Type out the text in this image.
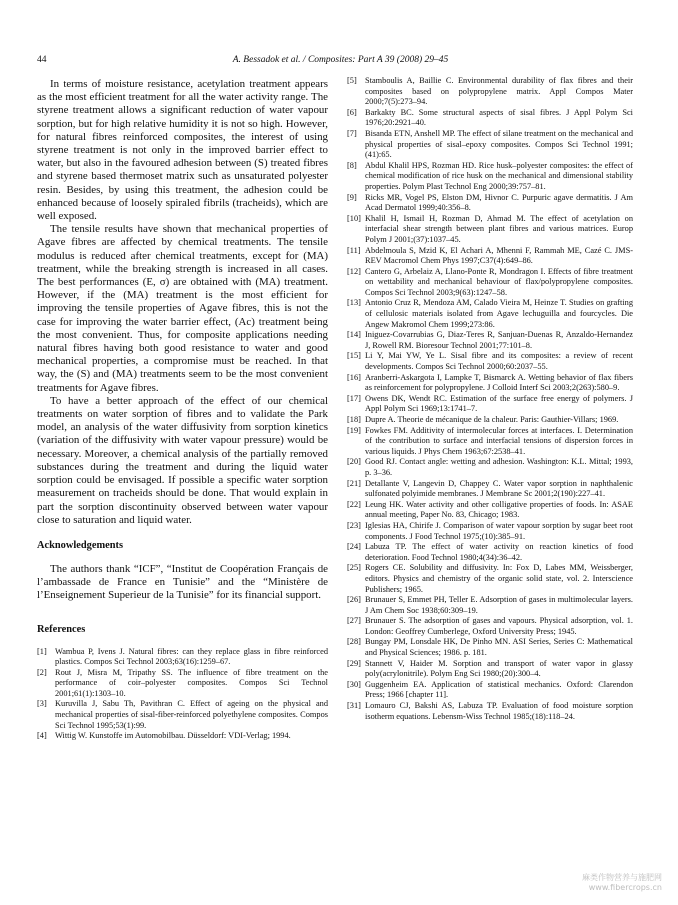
44	A. Bessadok et al. / Composites: Part A 39 (2008) 29–45

In terms of moisture resistance, acetylation treatment appears as the most efficient treatment for all the water activity range. The styrene treatment allows a significant reduction of water vapour sorption, but for high relative humidity it is not so high. However, for natural fibres reinforced composites, the interest of using styrene treatment is not only in the improved barrier effect to water, but also in the favoured adhesion between (S) treated fibres and styrene based thermoset matrix such as unsaturated polyester resin. Besides, by using this treatment, the adhesion could be enhanced because of loosely spiraled fibrils (tracheids), which are well exposed.

The tensile results have shown that mechanical properties of Agave fibres are affected by chemical treatments. The tensile modulus is reduced after chemical treatments, except for (MA) treatment, while the breaking strength is increased in all cases. The best performances (E, σ) are obtained with (MA) treatment. However, if the (MA) treatment is the most efficient for improving the tensile properties of Agave fibres, this is not the case for improving the water barrier effect, (Ac) treatment being the most convenient. Thus, for composite applications needing natural fibres having both good resistance to water and good mechanical properties, a compromise must be reached. In that way, the (S) and (MA) treatments seem to be the most convenient treatments for Agave fibres.

To have a better approach of the effect of our chemical treatments on water sorption of fibres and to validate the Park model, an analysis of the water diffusivity from sorption kinetics (variation of the diffusivity with water vapour pressure) would be necessary. Moreover, a chemical analysis of the partially removed substances during the treatment and during the liquid water sorption could be envisaged. If possible a specific water sorption measurement on tracheids should be done. That would explain in part the sorption discontinuity observed between water vapour close to saturation and liquid water.

Acknowledgements

The authors thank “ICF”, “Institut de Coopération Français de l’ambassade de France en Tunisie” and the “Ministère de l’Enseignement Superieur de la Tunisie” for its financial support.

References
[1] Wambua P, Ivens J. Natural fibres: can they replace glass in fibre reinforced plastics. Compos Sci Technol 2003;63(16):1259–67.
[2] Rout J, Misra M, Tripathy SS. The influence of fibre treatment on the performance of coir–polyester composites. Compos Sci Technol 2001;61(1):1303–10.
[3] Kuruvilla J, Sabu Th, Pavithran C. Effect of ageing on the physical and mechanical properties of sisal-fiber-reinforced polyethylene composites. Compos Sci Technol 1995;53(1):99.
[4] Wittig W. Kunstoffe im Automobilbau. Düsseldorf: VDI-Verlag; 1994.
[5] Stamboulis A, Baillie C. Environmental durability of flax fibres and their composites based on polypropylene matrix. Appl Compos Mater 2000;7(5):273–94.
[6] Barkakty BC. Some structural aspects of sisal fibres. J Appl Polym Sci 1976;20:2921–40.
[7] Bisanda ETN, Anshell MP. The effect of silane treatment on the mechanical and physical properties of sisal–epoxy composites. Compos Sci Technol 1991;(41):65.
[8] Abdul Khalil HPS, Rozman HD. Rice husk–polyester composites: the effect of chemical modification of rice husk on the mechanical and dimensional stability properties. Polym Plast Technol Eng 2000;39:757–81.
[9] Ricks MR, Vogel PS, Elston DM, Hivnor C. Purpuric agave dermatitis. J Am Acad Dermatol 1999;40:356–8.
[10] Khalil H, Ismail H, Rozman D, Ahmad M. The effect of acetylation on interfacial shear strength between plant fibres and various matrices. Europ Polym J 2001;(37):1037–45.
[11] Abdelmoula S, Mzid K, El Achari A, Mhenni F, Rammah ME, Cazé C. JMS-REV Macromol Chem Phys 1997;C37(4):649–86.
[12] Cantero G, Arbelaiz A, Llano-Ponte R, Mondragon I. Effects of fibre treatment on wettability and mechanical behaviour of flax/polypropylene composites. Compos Sci Technol 2003;9(63):1247–58.
[13] Antonio Cruz R, Mendoza AM, Calado Vieira M, Heinze T. Studies on grafting of cellulosic materials isolated from Agave lechuguilla and fourcycles. Die Angew Makromol Chem 1999;273:86.
[14] Iniguez-Covarrubias G, Diaz-Teres R, Sanjuan-Duenas R, Anzaldo-Hernandez J, Rowell RM. Bioresour Technol 2001;77:101–8.
[15] Li Y, Mai YW, Ye L. Sisal fibre and its composites: a review of recent developments. Compos Sci Technol 2000;60:2037–55.
[16] Aranberri-Askargota I, Lampke T, Bismarck A. Wetting behavior of flax fibers as reinforcement for polypropylene. J Colloid Interf Sci 2003;2(263):580–9.
[17] Owens DK, Wendt RC. Estimation of the surface free energy of polymers. J Appl Polym Sci 1969;13:1741–7.
[18] Dupre A. Theorie de mécanique de la chaleur. Paris: Gauthier-Villars; 1969.
[19] Fowkes FM. Additivity of intermolecular forces at interfaces. I. Determination of the contribution to surface and interfacial tensions of dispersion forces in various liquids. J Phys Chem 1963;67:2538–41.
[20] Good RJ. Contact angle: wetting and adhesion. Washington: K.L. Mittal; 1993, p. 3–36.
[21] Detallante V, Langevin D, Chappey C. Water vapor sorption in naphthalenic sulfonated polyimide membranes. J Membrane Sc 2001;2(190):227–41.
[22] Leung HK. Water activity and other colligative properties of foods. In: ASAE annual meeting, Paper No. 83, Chicago; 1983.
[23] Iglesias HA, Chirife J. Comparison of water vapour sorption by sugar beet root components. J Food Technol 1975;(10):385–91.
[24] Labuza TP. The effect of water activity on reaction kinetics of food deterioration. Food Technol 1980;4(34):36–42.
[25] Rogers CE. Solubility and diffusivity. In: Fox D, Labes MM, Weissberger, editors. Physics and chemistry of the organic solid state, vol. 2. Interscience Publishers; 1965.
[26] Brunauer S, Emmet PH, Teller E. Adsorption of gases in multimolecular layers. J Am Chem Soc 1938;60:309–19.
[27] Brunauer S. The adsorption of gases and vapours. Physical adsorption, vol. 1. London: Geoffrey Cumberlege, Oxford University Press; 1945.
[28] Bungay PM, Lonsdale HK, De Pinho MN. ASI Series, Series C: Mathematical and Physical Sciences; 1986. p. 181.
[29] Stannett V, Haider M. Sorption and transport of water vapor in glassy poly(acrylonitrile). Polym Eng Sci 1980;(20):300–4.
[30] Guggenheim EA. Application of statistical mechanics. Oxford: Clarendon Press; 1966 [chapter 11].
[31] Lomauro CJ, Bakshi AS, Labuza TP. Evaluation of food moisture sorption isotherm equations. Lebensm-Wiss Technol 1985;(18):118–24.
麻类作物营养与施肥网
www.fibercrops.cn
